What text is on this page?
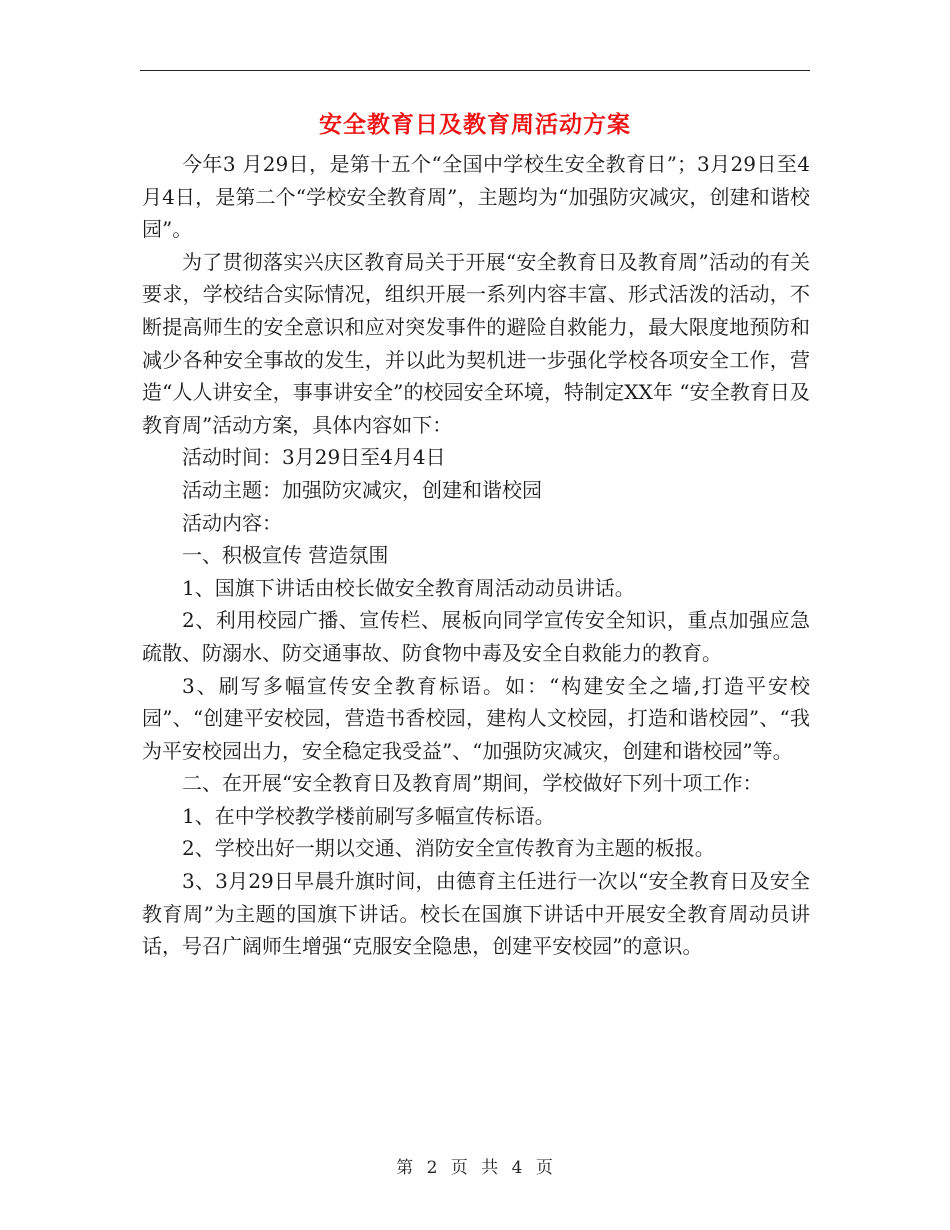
安全教育日及教育周活动方案

今年3 月29日，是第十五个“全国中学校生安全教育日”；3月29日至4月4日，是第二个“学校安全教育周”，主题均为“加强防灾减灾，创建和谐校园”。

为了贯彻落实兴庆区教育局关于开展“安全教育日及教育周”活动的有关要求，学校结合实际情况，组织开展一系列内容丰富、形式活泼的活动，不断提高师生的安全意识和应对突发事件的避险自救能力，最大限度地预防和减少各种安全事故的发生，并以此为契机进一步强化学校各项安全工作，营造“人人讲安全，事事讲安全”的校园安全环境，特制定XX年 “安全教育日及教育周”活动方案，具体内容如下：

活动时间：3月29日至4月4日

活动主题：加强防灾减灾，创建和谐校园

活动内容：

一、积极宣传 营造氛围

1、国旗下讲话由校长做安全教育周活动动员讲话。

2、利用校园广播、宣传栏、展板向同学宣传安全知识，重点加强应急疏散、防溺水、防交通事故、防食物中毒及安全自救能力的教育。

3、刷写多幅宣传安全教育标语。如：“构建安全之墙,打造平安校园”、“创建平安校园，营造书香校园，建构人文校园，打造和谐校园”、“我为平安校园出力，安全稳定我受益”、“加强防灾减灾，创建和谐校园”等。

二、在开展“安全教育日及教育周”期间，学校做好下列十项工作：

1、在中学校教学楼前刷写多幅宣传标语。

2、学校出好一期以交通、消防安全宣传教育为主题的板报。

3、3月29日早晨升旗时间，由德育主任进行一次以“安全教育日及安全教育周”为主题的国旗下讲话。校长在国旗下讲话中开展安全教育周动员讲话，号召广阔师生增强“克服安全隐患，创建平安校园”的意识。

第 2 页 共 4 页
